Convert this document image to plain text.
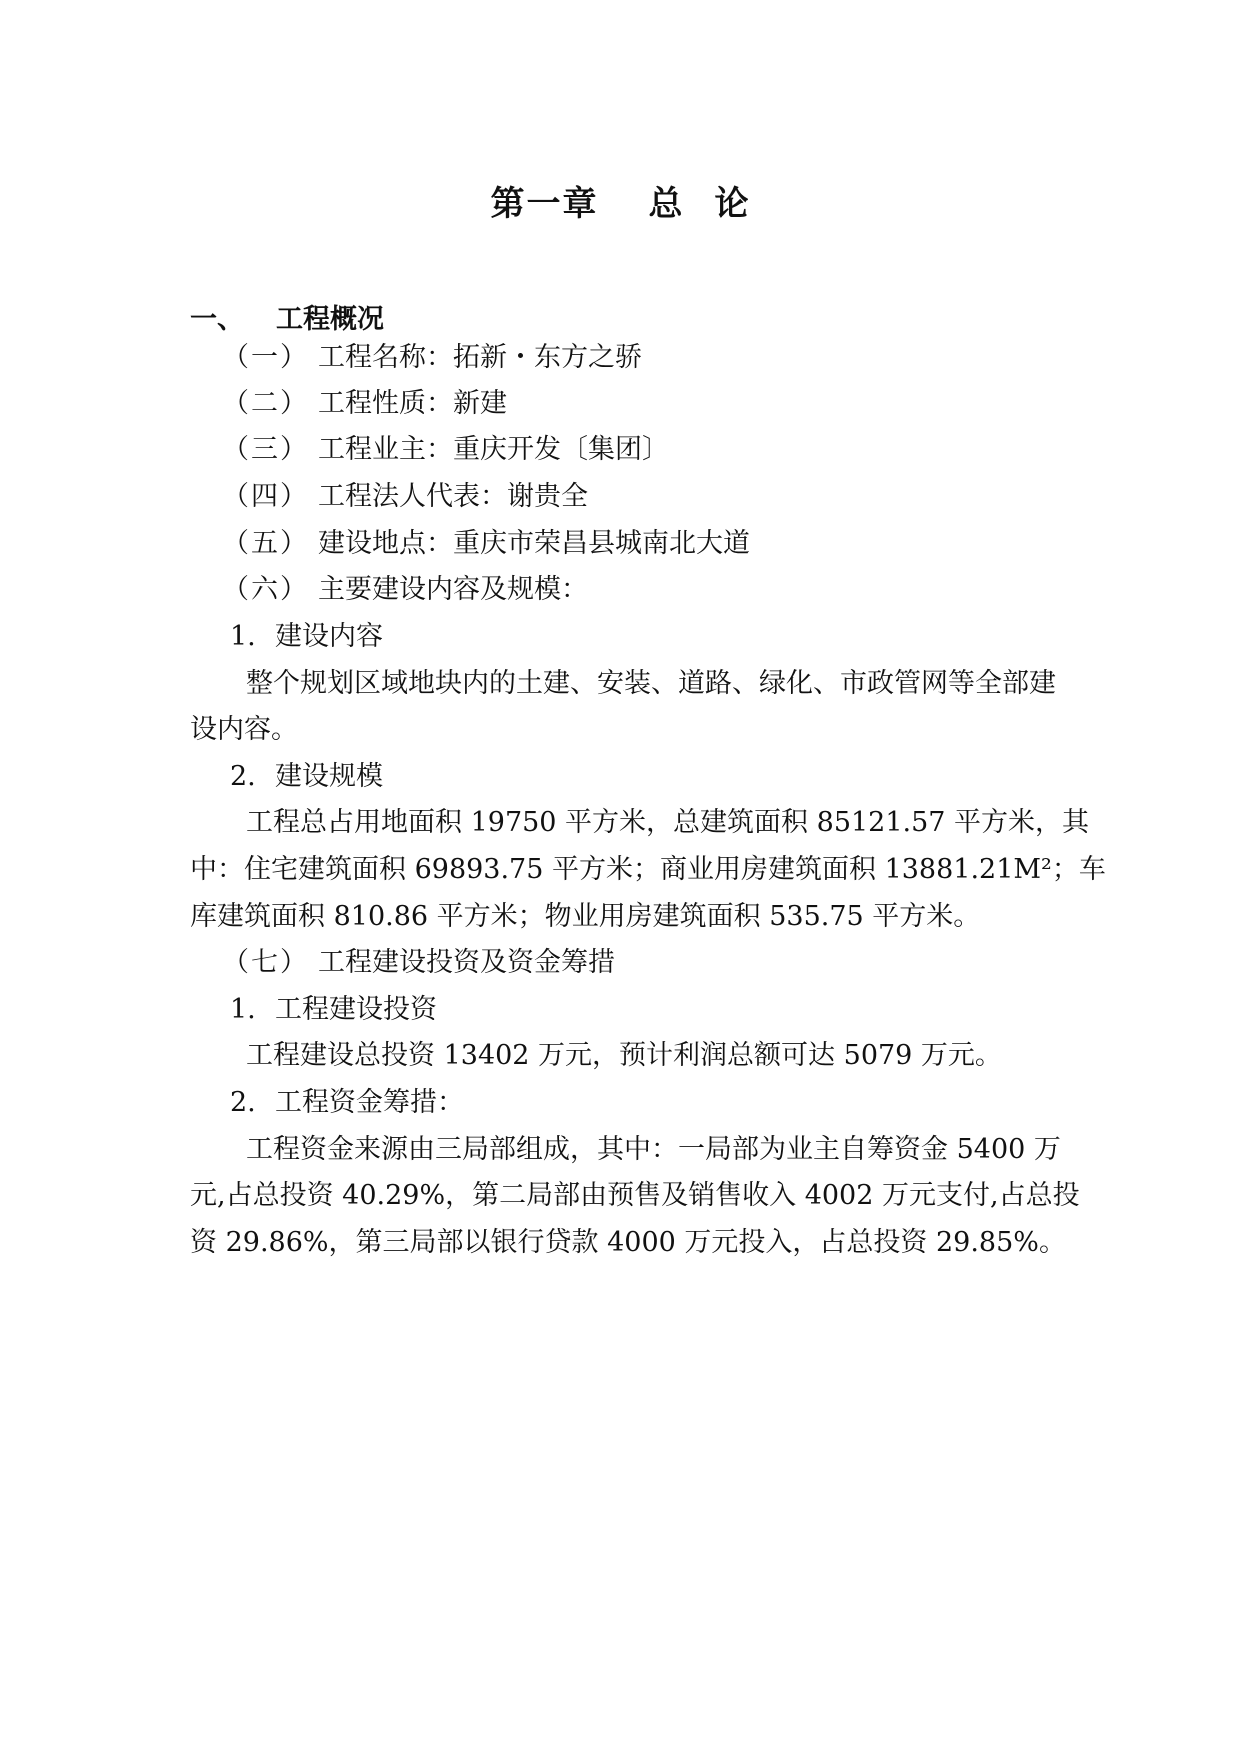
第一章 总 论
一、 工程概况
（一） 工程名称：拓新・东方之骄
（二） 工程性质：新建
（三） 工程业主：重庆开发〔集团〕
（四） 工程法人代表：谢贵全
（五） 建设地点：重庆市荣昌县城南北大道
（六） 主要建设内容及规模：
1. 建设内容
整个规划区域地块内的土建、安装、道路、绿化、市政管网等全部建
设内容。
2. 建设规模
工程总占用地面积 19750 平方米，总建筑面积 85121.57 平方米，其
中：住宅建筑面积 69893.75 平方米；商业用房建筑面积 13881.21M²；车
库建筑面积 810.86 平方米；物业用房建筑面积 535.75 平方米。
（七） 工程建设投资及资金筹措
1. 工程建设投资
工程建设总投资 13402 万元，预计利润总额可达 5079 万元。
2. 工程资金筹措：
工程资金来源由三局部组成，其中：一局部为业主自筹资金 5400 万
元,占总投资 40.29%，第二局部由预售及销售收入 4002 万元支付,占总投
资 29.86%，第三局部以银行贷款 4000 万元投入，占总投资 29.85%。
